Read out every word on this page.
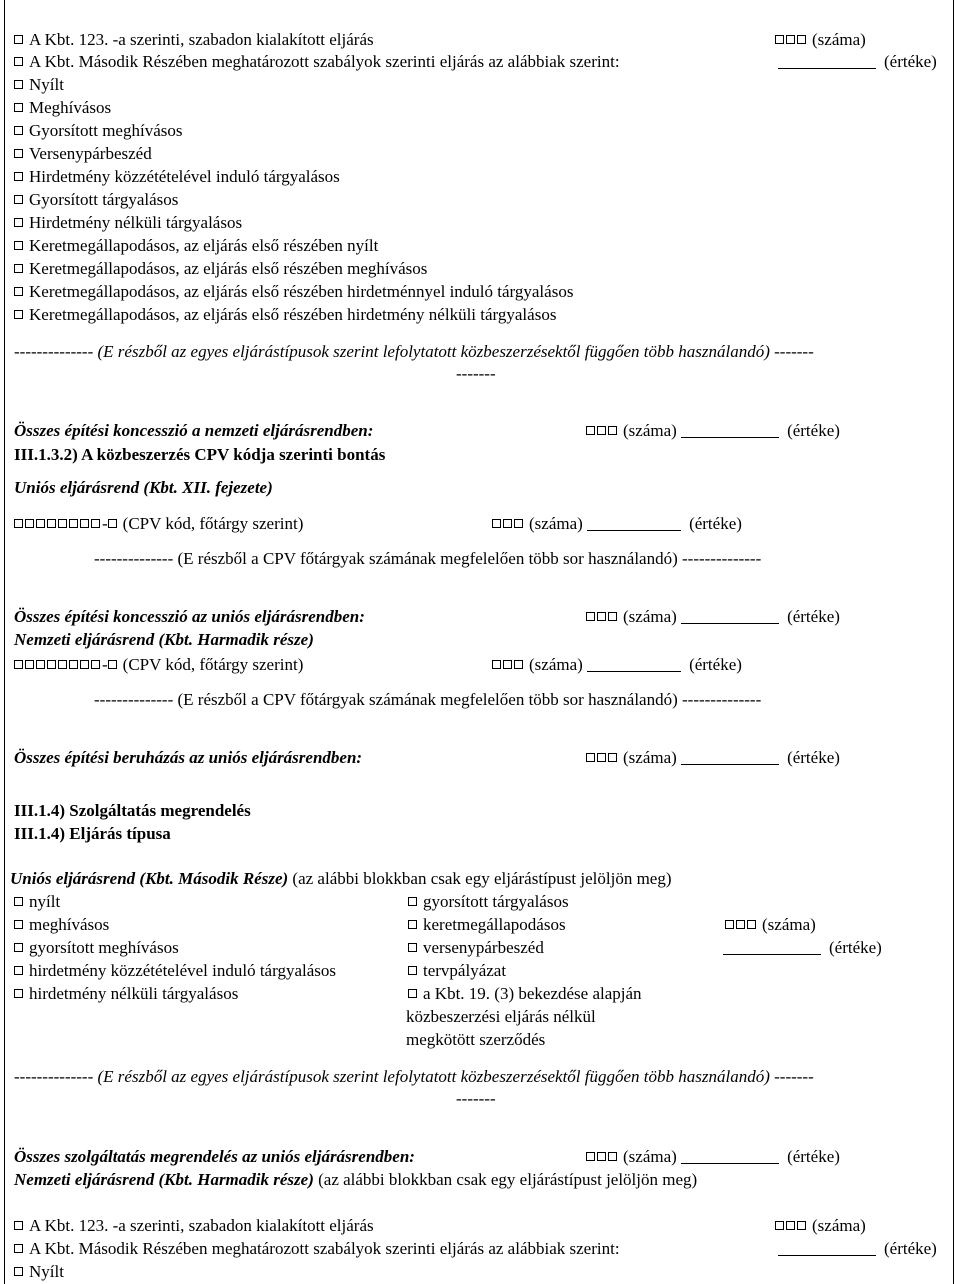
A Kbt. 123. -a szerinti, szabadon kialakított eljárás	(száma)
A Kbt. Második Részében meghatározott szabályok szerinti eljárás az alábbiak szerint:	(értéke)
Nyílt
Meghívásos
Gyorsított meghívásos
Versenypárbeszéd
Hirdetmény közzétételével induló tárgyalásos
Gyorsított tárgyalásos
Hirdetmény nélküli tárgyalásos
Keretmegállapodásos, az eljárás első részében nyílt
Keretmegállapodásos, az eljárás első részében meghívásos
Keretmegállapodásos, az eljárás első részében hirdetménnyel induló tárgyalásos
Keretmegállapodásos, az eljárás első részében hirdetmény nélküli tárgyalásos
-------------- (E részből az egyes eljárástípusok szerint lefolytatott közbeszerzésektől függően több használandó) -------
-------
Összes építési koncesszió a nemzeti eljárásrendben:	(száma)	(értéke)
III.1.3.2) A közbeszerzés CPV kódja szerinti bontás
Uniós eljárásrend (Kbt. XII. fejezete)
- (CPV kód, főtárgy szerint)	(száma)	(értéke)
-------------- (E részből a CPV főtárgyak számának megfelelően több sor használandó) --------------
Összes építési koncesszió az uniós eljárásrendben:	(száma)	(értéke)
Nemzeti eljárásrend (Kbt. Harmadik része)
- (CPV kód, főtárgy szerint)	(száma)	(értéke)
-------------- (E részből a CPV főtárgyak számának megfelelően több sor használandó) --------------
Összes építési beruházás az uniós eljárásrendben:	(száma)	(értéke)
III.1.4) Szolgáltatás megrendelés
III.1.4) Eljárás típusa
Uniós eljárásrend (Kbt. Második Része) (az alábbi blokkban csak egy eljárástípust jelöljön meg)
nyílt
meghívásos
gyorsított meghívásos
hirdetmény közzétételével induló tárgyalásos
hirdetmény nélküli tárgyalásos
gyorsított tárgyalásos
keretmegállapodásos
versenypárbeszéd
tervpályázat
a Kbt. 19. (3) bekezdése alapján
közbeszerzési eljárás nélkül
megkötött szerződés
(száma)
(értéke)
-------------- (E részből az egyes eljárástípusok szerint lefolytatott közbeszerzésektől függően több használandó) -------
-------
Összes szolgáltatás megrendelés az uniós eljárásrendben:	(száma)	(értéke)
Nemzeti eljárásrend (Kbt. Harmadik része) (az alábbi blokkban csak egy eljárástípust jelöljön meg)
A Kbt. 123. -a szerinti, szabadon kialakított eljárás	(száma)
A Kbt. Második Részében meghatározott szabályok szerinti eljárás az alábbiak szerint:	(értéke)
Nyílt
